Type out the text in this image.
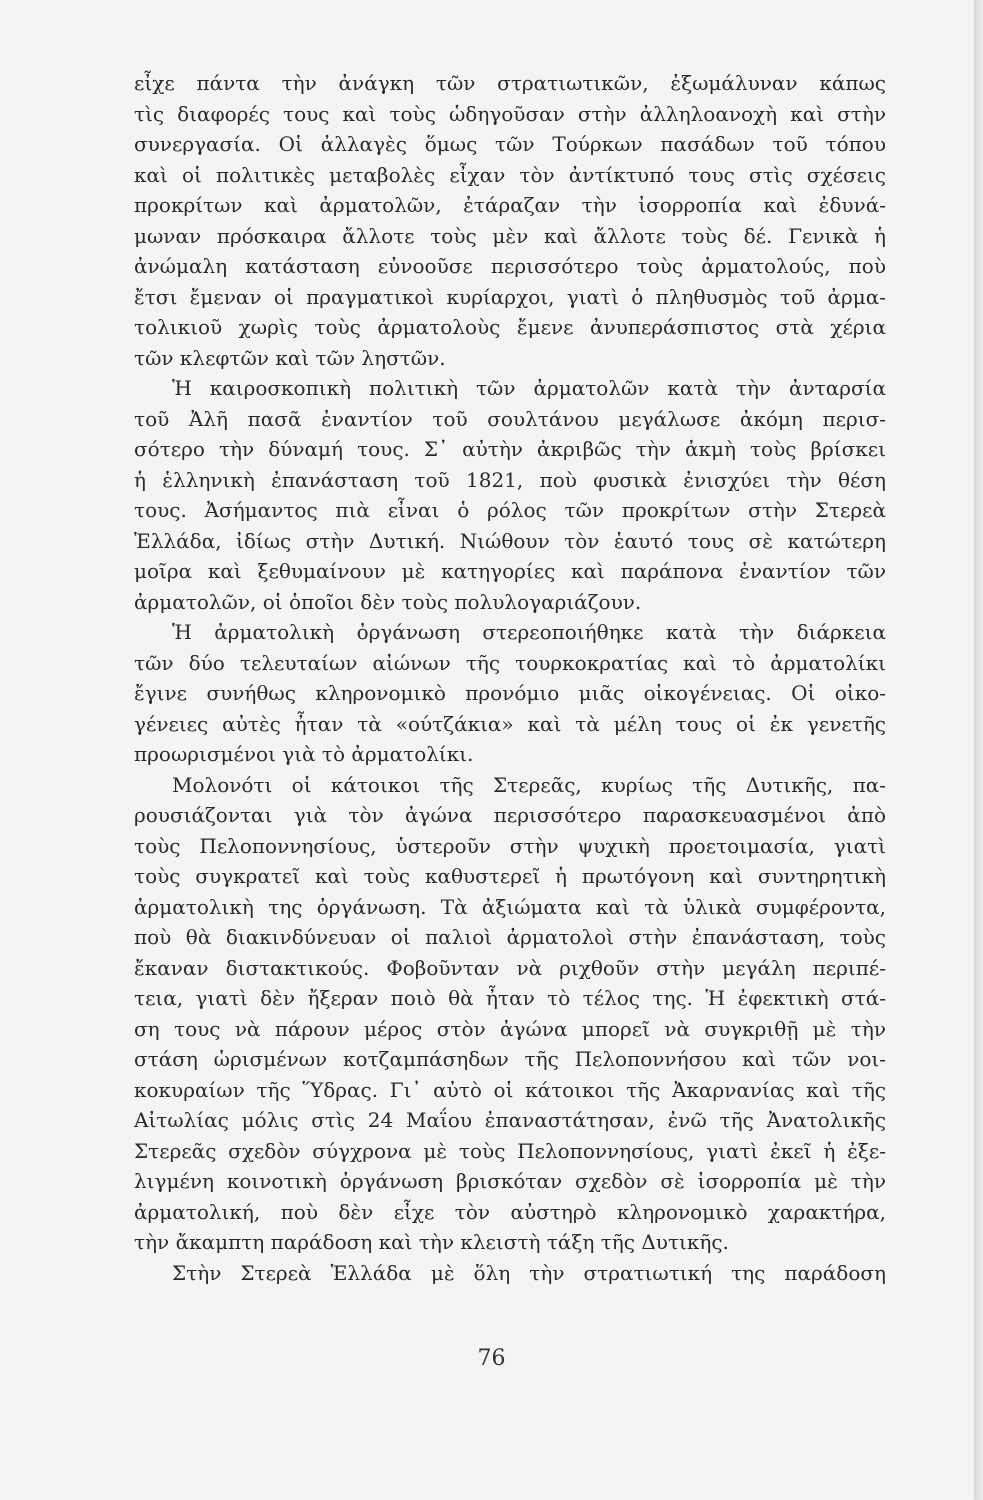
εἶχε πάντα τὴν ἀνάγκη τῶν στρατιωτικῶν, ἐξωμάλυναν κάπως
τὶς διαφορές τους καὶ τοὺς ὡδηγοῦσαν στὴν ἀλληλοανοχὴ καὶ στὴν
συνεργασία. Οἱ ἀλλαγὲς ὅμως τῶν Τούρκων πασάδων τοῦ τόπου
καὶ οἱ πολιτικὲς μεταβολὲς εἶχαν τὸν ἀντίκτυπό τους στὶς σχέσεις
προκρίτων καὶ ἀρματολῶν, ἐτάραζαν τὴν ἰσορροπία καὶ ἐδυνά-
μωναν πρόσκαιρα ἄλλοτε τοὺς μὲν καὶ ἄλλοτε τοὺς δέ. Γενικὰ ἡ
ἀνώμαλη κατάσταση εὐνοοῦσε περισσότερο τοὺς ἀρματολούς, ποὺ
ἔτσι ἔμεναν οἱ πραγματικοὶ κυρίαρχοι, γιατὶ ὁ πληθυσμὸς τοῦ ἀρμα-
τολικιοῦ χωρὶς τοὺς ἀρματολοὺς ἔμενε ἀνυπεράσπιστος στὰ χέρια
τῶν κλεφτῶν καὶ τῶν ληστῶν.
Ἡ καιροσκοπικὴ πολιτικὴ τῶν ἀρματολῶν κατὰ τὴν ἀνταρσία
τοῦ Ἀλῆ πασᾶ ἐναντίον τοῦ σουλτάνου μεγάλωσε ἀκόμη περισ-
σότερο τὴν δύναμή τους. Σ᾽ αὐτὴν ἀκριβῶς τὴν ἀκμὴ τοὺς βρίσκει
ἡ ἑλληνικὴ ἐπανάσταση τοῦ 1821, ποὺ φυσικὰ ἐνισχύει τὴν θέση
τους. Ἀσήμαντος πιὰ εἶναι ὁ ρόλος τῶν προκρίτων στὴν Στερεὰ
Ἑλλάδα, ἰδίως στὴν Δυτική. Νιώθουν τὸν ἑαυτό τους σὲ κατώτερη
μοῖρα καὶ ξεθυμαίνουν μὲ κατηγορίες καὶ παράπονα ἐναντίον τῶν
ἀρματολῶν, οἱ ὁποῖοι δὲν τοὺς πολυλογαριάζουν.
Ἡ ἀρματολικὴ ὀργάνωση στερεοποιήθηκε κατὰ τὴν διάρκεια
τῶν δύο τελευταίων αἰώνων τῆς τουρκοκρατίας καὶ τὸ ἀρματολίκι
ἔγινε συνήθως κληρονομικὸ προνόμιο μιᾶς οἰκογένειας. Οἱ οἰκο-
γένειες αὐτὲς ἦταν τὰ «ούτζάκια» καὶ τὰ μέλη τους οἱ ἐκ γενετῆς
προωρισμένοι γιὰ τὸ ἀρματολίκι.
Μολονότι οἱ κάτοικοι τῆς Στερεᾶς, κυρίως τῆς Δυτικῆς, πα-
ρουσιάζονται γιὰ τὸν ἀγώνα περισσότερο παρασκευασμένοι ἀπὸ
τοὺς Πελοποννησίους, ὑστεροῦν στὴν ψυχικὴ προετοιμασία, γιατὶ
τοὺς συγκρατεῖ καὶ τοὺς καθυστερεῖ ἡ πρωτόγονη καὶ συντηρητικὴ
ἀρματολικὴ της ὀργάνωση. Τὰ ἀξιώματα καὶ τὰ ὑλικὰ συμφέροντα,
ποὺ θὰ διακινδύνευαν οἱ παλιοὶ ἀρματολοὶ στὴν ἐπανάσταση, τοὺς
ἔκαναν διστακτικούς. Φοβοῦνταν νὰ ριχθοῦν στὴν μεγάλη περιπέ-
τεια, γιατὶ δὲν ἤξεραν ποιὸ θὰ ἦταν τὸ τέλος της. Ἡ ἐφεκτικὴ στά-
ση τους νὰ πάρουν μέρος στὸν ἀγώνα μπορεῖ νὰ συγκριθῇ μὲ τὴν
στάση ὡρισμένων κοτζαμπάσηδων τῆς Πελοποννήσου καὶ τῶν νοι-
κοκυραίων τῆς Ὕδρας. Γι᾽ αὐτὸ οἱ κάτοικοι τῆς Ἀκαρνανίας καὶ τῆς
Αἰτωλίας μόλις στὶς 24 Μαΐου ἐπαναστάτησαν, ἐνῶ τῆς Ἀνατολικῆς
Στερεᾶς σχεδὸν σύγχρονα μὲ τοὺς Πελοποννησίους, γιατὶ ἐκεῖ ἡ ἐξε-
λιγμένη κοινοτικὴ ὀργάνωση βρισκόταν σχεδὸν σὲ ἰσορροπία μὲ τὴν
ἀρματολική, ποὺ δὲν εἶχε τὸν αὐστηρὸ κληρονομικὸ χαρακτήρα,
τὴν ἄκαμπτη παράδοση καὶ τὴν κλειστὴ τάξη τῆς Δυτικῆς.
Στὴν Στερεὰ Ἑλλάδα μὲ ὅλη τὴν στρατιωτική της παράδοση
76
